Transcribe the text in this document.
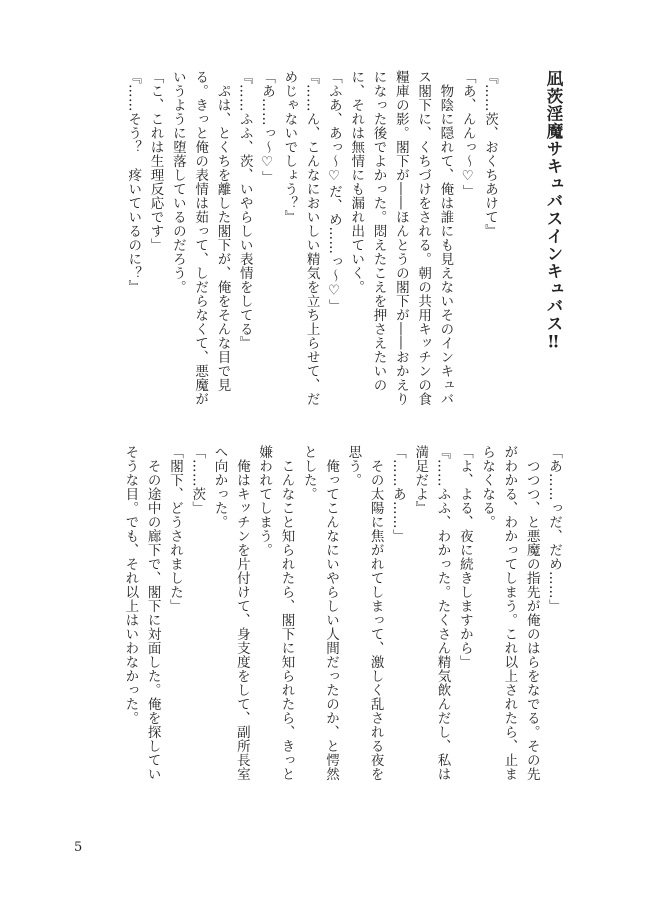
凪茨淫魔サキュバスインキュバス‼
『……茨、おくちあけて』
「あ、んんっ～♡」
　物陰に隠れて、俺は誰にも見えないそのインキュバ
ス閣下に、くちづけをされる。朝の共用キッチンの食
糧庫の影。閣下が――ほんとうの閣下が――おかえり
になった後でよかった。悶えたこえを押さえたいの
に、それは無情にも漏れ出ていく。
「ふあ、あっ～♡だ、め……っ～♡」
『……ん、こんなにおいしい精気を立ち上らせて、だ
めじゃないでしょう？』
「あ……っ～♡」
『……ふふ、茨、いやらしい表情をしてる』
　ぷは、とくちを離した閣下が、俺をそんな目で見
る。きっと俺の表情は茹って、しだらなくて、悪魔が
いうように堕落しているのだろう。
「こ、これは生理反応です」
『……そう？　疼いているのに？』
「あ……っだ、だめ……」
　つつつ、と悪魔の指先が俺のはらをなでる。その先
がわかる、わかってしまう。これ以上されたら、止ま
らなくなる。
「よ、よる、夜に続きしますから」
『……ふふ、わかった。たくさん精気飲んだし、私は
満足だよ』
「……あ……」
　その太陽に焦がれてしまって、激しく乱される夜を
思う。
　俺ってこんなにいやらしい人間だったのか、と愕然
とした。
　こんなこと知られたら、閣下に知られたら、きっと
嫌われてしまう。
　俺はキッチンを片付けて、身支度をして、副所長室
へ向かった。
「……茨」
「閣下、どうされました」
　その途中の廊下で、閣下に対面した。俺を探してい
そうな目。でも、それ以上はいわなかった。
5
